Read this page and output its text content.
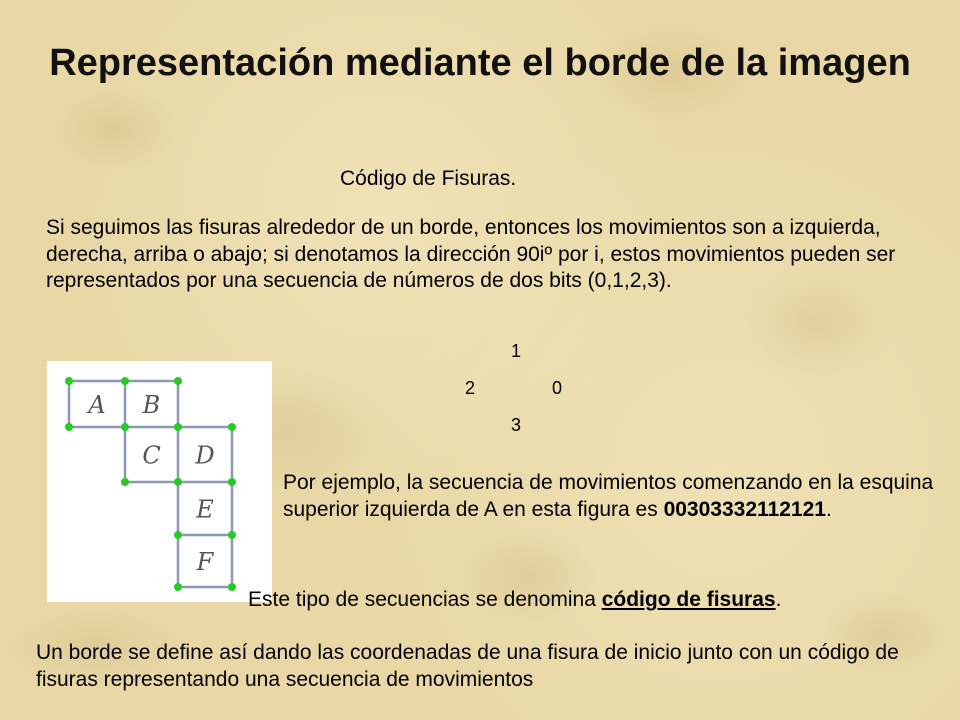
Representación mediante el borde de la imagen
Código de Fisuras.
Si seguimos las fisuras alrededor de un borde, entonces los movimientos son a izquierda, derecha, arriba o abajo; si denotamos la dirección 90iº por i, estos movimientos pueden ser representados por una secuencia de números de dos bits (0,1,2,3).
1
2	0
3
A B
C D
E
F
Por ejemplo, la secuencia de movimientos comenzando en la esquina superior izquierda de A en esta figura es 00303332112121.
Este tipo de secuencias se denomina código de fisuras.
Un borde se define así dando las coordenadas de una fisura de inicio junto con un código de fisuras representando una secuencia de movimientos
